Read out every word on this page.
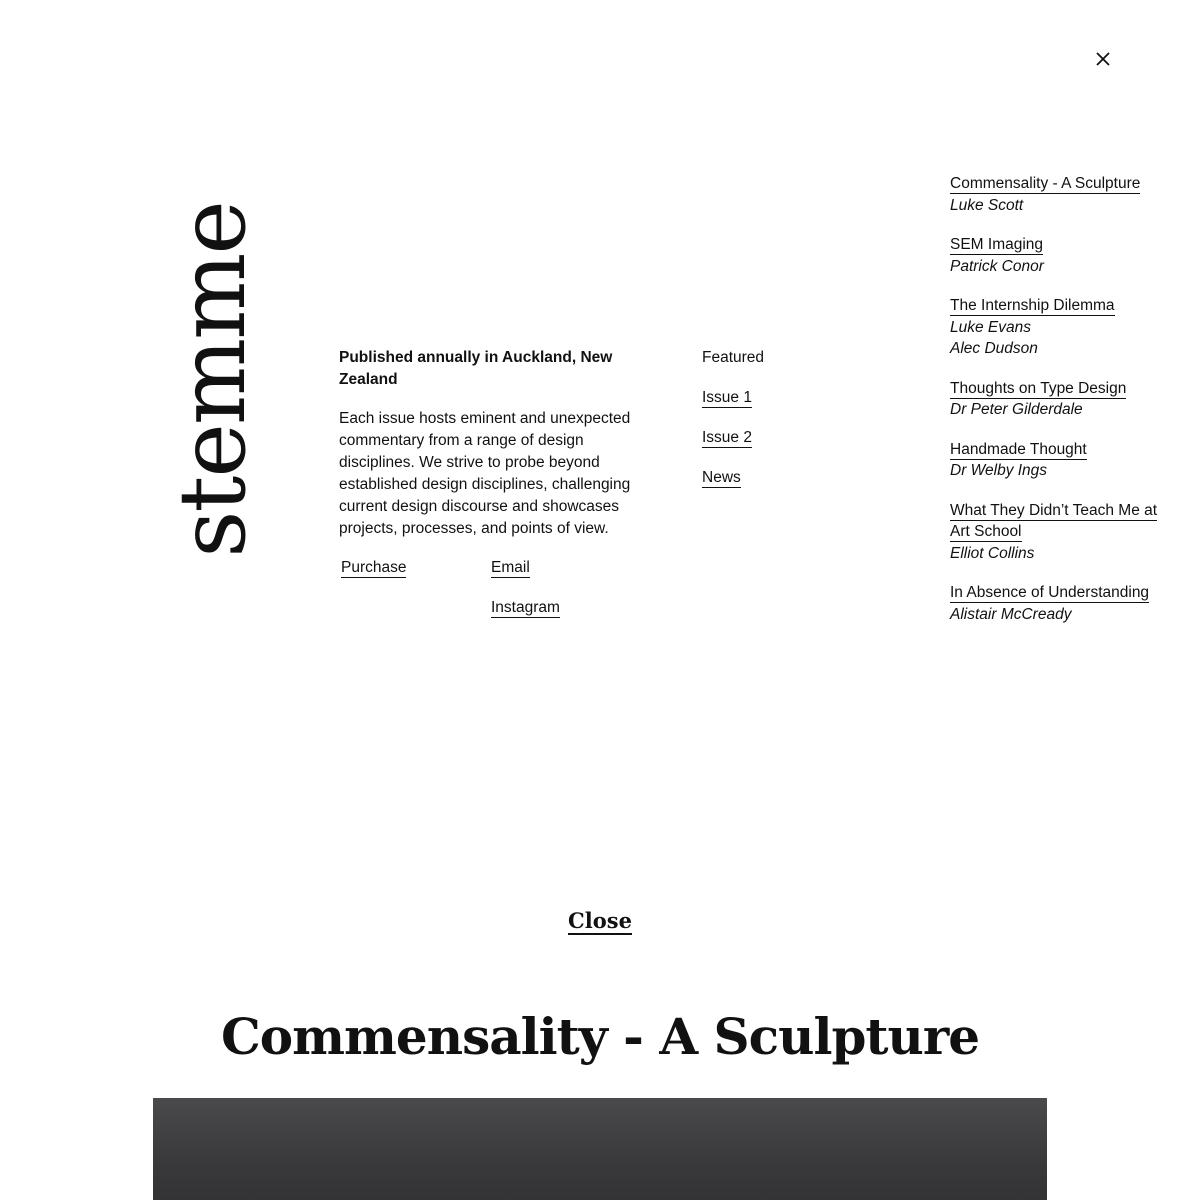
stemme	Published annually in Auckland, New Zealand

Each issue hosts eminent and unexpected commentary from a range of design disciplines. We strive to probe beyond established design disciplines, challenging current design discourse and showcases projects, processes, and points of view.

Purchase	Email
Instagram
Featured
Issue 1
Issue 2
News
Commensality - A Sculpture
Luke Scott
SEM Imaging
Patrick Conor
The Internship Dilemma
Luke Evans
Alec Dudson
Thoughts on Type Design
Dr Peter Gilderdale
Handmade Thought
Dr Welby Ings
What They Didn’t Teach Me at Art School
Elliot Collins
In Absence of Understanding
Alistair McCready
Close
Commensality - A Sculpture
